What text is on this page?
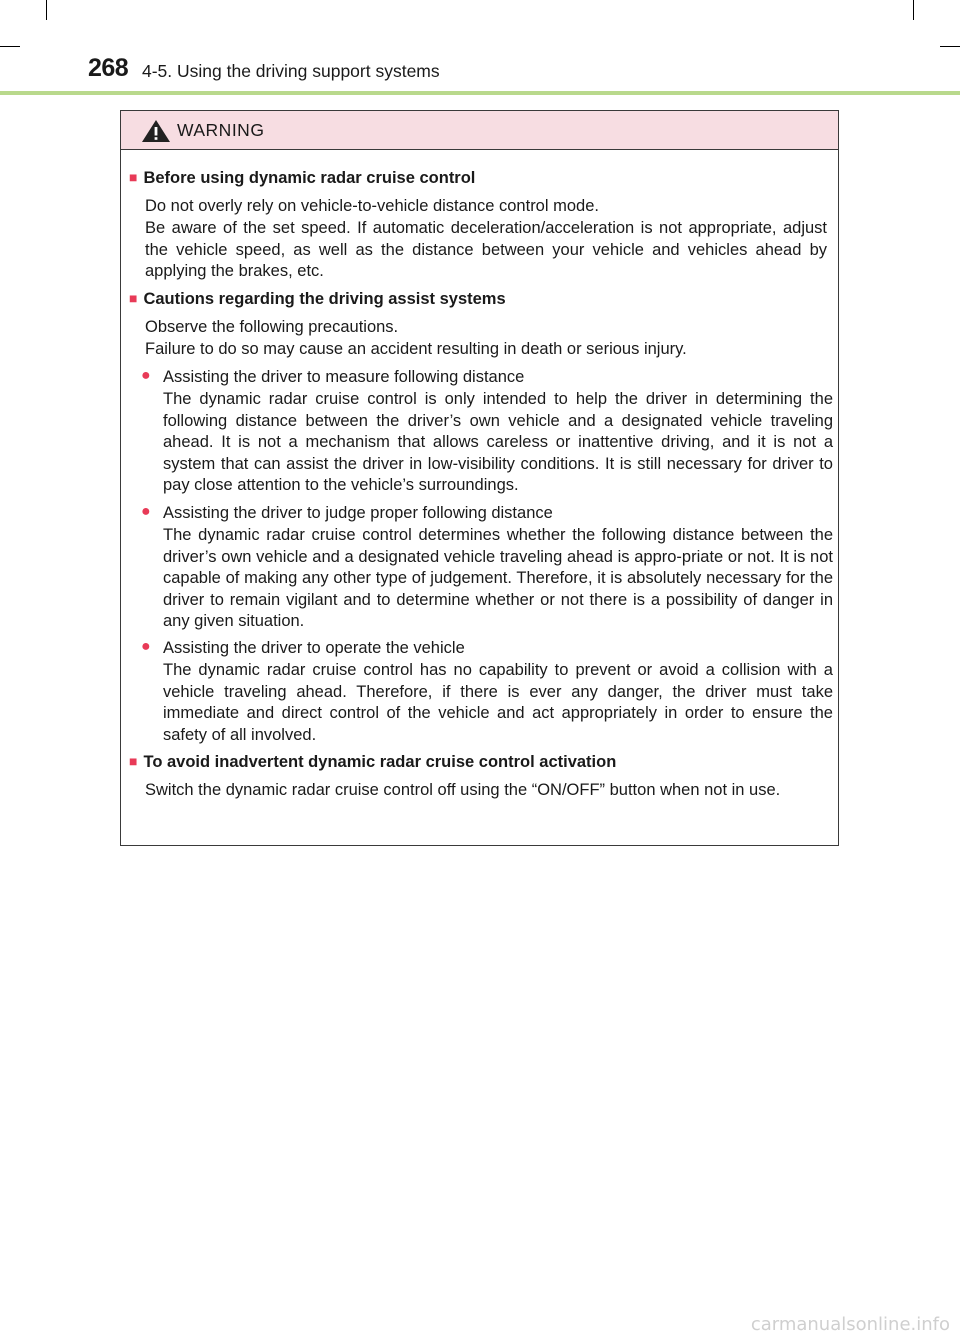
268 4-5. Using the driving support systems
WARNING
■ Before using dynamic radar cruise control
Do not overly rely on vehicle-to-vehicle distance control mode.
Be aware of the set speed. If automatic deceleration/acceleration is not appropriate, adjust the vehicle speed, as well as the distance between your vehicle and vehicles ahead by applying the brakes, etc.
■ Cautions regarding the driving assist systems
Observe the following precautions.
Failure to do so may cause an accident resulting in death or serious injury.
● Assisting the driver to measure following distance
The dynamic radar cruise control is only intended to help the driver in determining the following distance between the driver’s own vehicle and a designated vehicle traveling ahead. It is not a mechanism that allows careless or inattentive driving, and it is not a system that can assist the driver in low-visibility conditions. It is still necessary for driver to pay close attention to the vehicle’s surroundings.
● Assisting the driver to judge proper following distance
The dynamic radar cruise control determines whether the following distance between the driver’s own vehicle and a designated vehicle traveling ahead is appro-priate or not. It is not capable of making any other type of judgement. Therefore, it is absolutely necessary for the driver to remain vigilant and to determine whether or not there is a possibility of danger in any given situation.
● Assisting the driver to operate the vehicle
The dynamic radar cruise control has no capability to prevent or avoid a collision with a vehicle traveling ahead. Therefore, if there is ever any danger, the driver must take immediate and direct control of the vehicle and act appropriately in order to ensure the safety of all involved.
■ To avoid inadvertent dynamic radar cruise control activation
Switch the dynamic radar cruise control off using the “ON/OFF” button when not in use.
carmanualsonline.info
